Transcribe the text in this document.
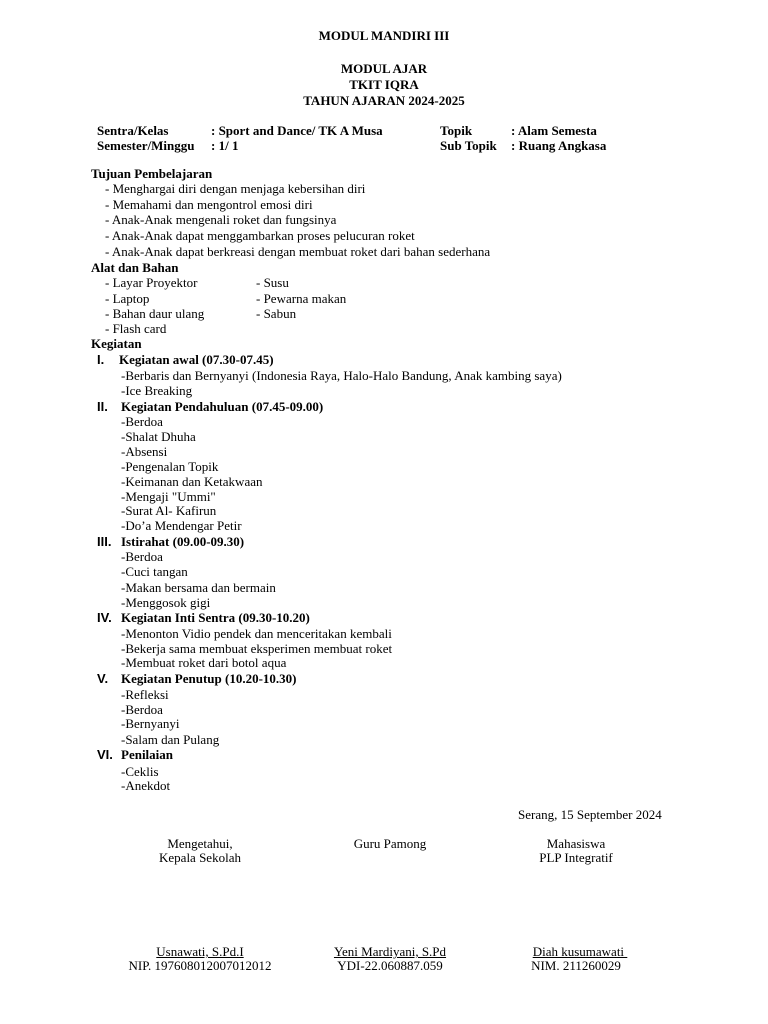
MODUL MANDIRI III
MODUL AJAR
TKIT IQRA
TAHUN AJARAN 2024-2025
Sentra/Kelas	: Sport and Dance/ TK A Musa
Semester/Minggu : 1/ 1
Topik	: Alam Semesta
Sub Topik : Ruang Angkasa
Tujuan Pembelajaran
- Menghargai diri dengan menjaga kebersihan diri
- Memahami dan mengontrol emosi diri
- Anak-Anak mengenali roket dan fungsinya
- Anak-Anak dapat menggambarkan proses pelucuran roket
- Anak-Anak dapat berkreasi dengan membuat roket dari bahan sederhana
Alat dan Bahan
- Layar Proyektor
- Laptop
- Bahan daur ulang
- Flash card
- Susu
- Pewarna makan
- Sabun
Kegiatan
I. Kegiatan awal (07.30-07.45)
-Berbaris dan Bernyanyi (Indonesia Raya, Halo-Halo Bandung, Anak kambing saya)
-Ice Breaking
II. Kegiatan Pendahuluan (07.45-09.00)
-Berdoa
-Shalat Dhuha
-Absensi
-Pengenalan Topik
-Keimanan dan Ketakwaan
-Mengaji "Ummi"
-Surat Al- Kafirun
-Do’a Mendengar Petir
III. Istirahat (09.00-09.30)
-Berdoa
-Cuci tangan
-Makan bersama dan bermain
-Menggosok gigi
IV. Kegiatan Inti Sentra (09.30-10.20)
-Menonton Vidio pendek dan menceritakan kembali
-Bekerja sama membuat eksperimen membuat roket
-Membuat roket dari botol aqua
V. Kegiatan Penutup (10.20-10.30)
-Refleksi
-Berdoa
-Bernyanyi
-Salam dan Pulang
VI. Penilaian
-Ceklis
-Anekdot
Serang, 15 September 2024
Mengetahui,
Kepala Sekolah
Guru Pamong	Mahasiswa
PLP Integratif
Usnawati, S.Pd.I
NIP. 197608012007012012
Yeni Mardiyani, S.Pd
YDI-22.060887.059
Diah kusumawati
NIM. 211260029
